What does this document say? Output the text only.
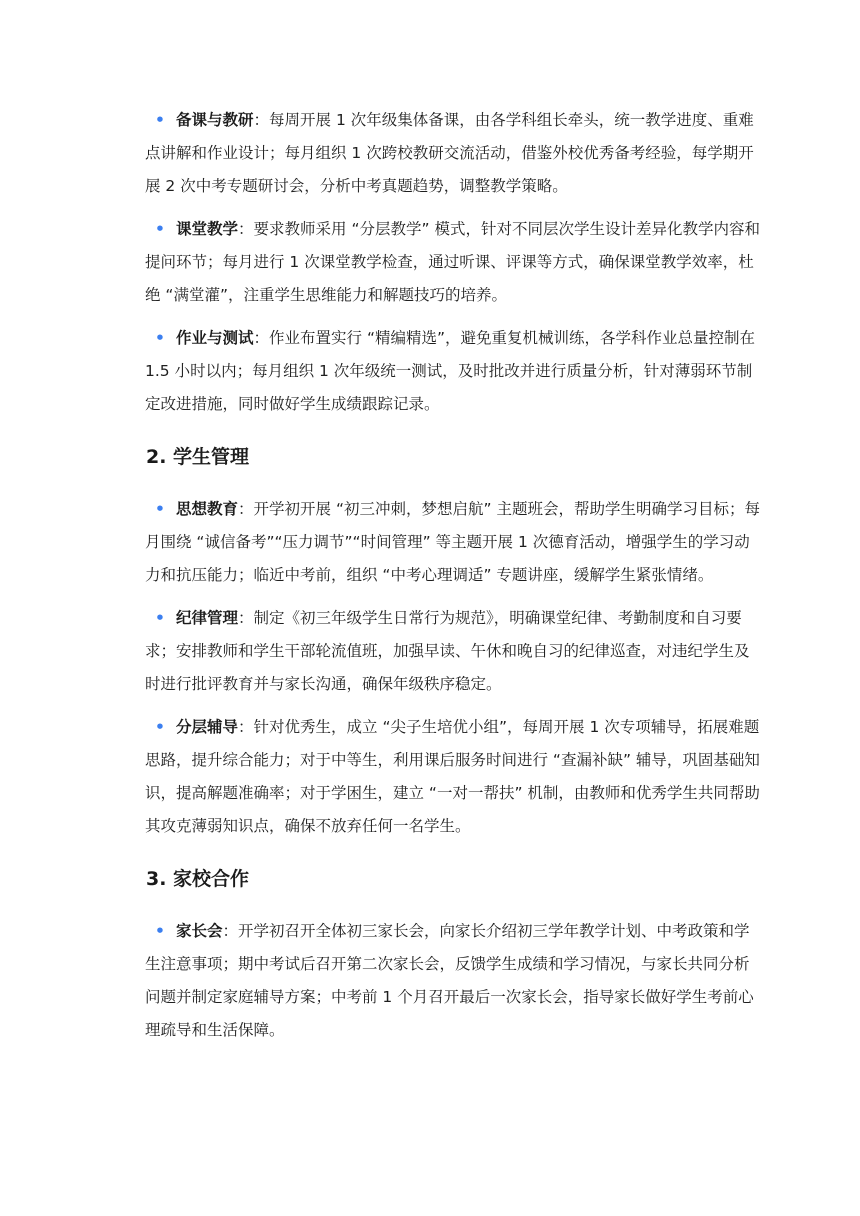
• 备课与教研：每周开展 1 次年级集体备课，由各学科组长牵头，统一教学进度、重难点讲解和作业设计；每月组织 1 次跨校教研交流活动，借鉴外校优秀备考经验，每学期开展 2 次中考专题研讨会，分析中考真题趋势，调整教学策略。
• 课堂教学：要求教师采用 “分层教学” 模式，针对不同层次学生设计差异化教学内容和提问环节；每月进行 1 次课堂教学检查，通过听课、评课等方式，确保课堂教学效率，杜绝 “满堂灌”，注重学生思维能力和解题技巧的培养。
• 作业与测试：作业布置实行 “精编精选”，避免重复机械训练，各学科作业总量控制在 1.5 小时以内；每月组织 1 次年级统一测试，及时批改并进行质量分析，针对薄弱环节制定改进措施，同时做好学生成绩跟踪记录。
2. 学生管理
• 思想教育：开学初开展 “初三冲刺，梦想启航” 主题班会，帮助学生明确学习目标；每月围绕 “诚信备考”“压力调节”“时间管理” 等主题开展 1 次德育活动，增强学生的学习动力和抗压能力；临近中考前，组织 “中考心理调适” 专题讲座，缓解学生紧张情绪。
• 纪律管理：制定《初三年级学生日常行为规范》，明确课堂纪律、考勤制度和自习要求；安排教师和学生干部轮流值班，加强早读、午休和晚自习的纪律巡查，对违纪学生及时进行批评教育并与家长沟通，确保年级秩序稳定。
• 分层辅导：针对优秀生，成立 “尖子生培优小组”，每周开展 1 次专项辅导，拓展难题思路，提升综合能力；对于中等生，利用课后服务时间进行 “查漏补缺” 辅导，巩固基础知识，提高解题准确率；对于学困生，建立 “一对一帮扶” 机制，由教师和优秀学生共同帮助其攻克薄弱知识点，确保不放弃任何一名学生。
3. 家校合作
• 家长会：开学初召开全体初三家长会，向家长介绍初三学年教学计划、中考政策和学生注意事项；期中考试后召开第二次家长会，反馈学生成绩和学习情况，与家长共同分析问题并制定家庭辅导方案；中考前 1 个月召开最后一次家长会，指导家长做好学生考前心理疏导和生活保障。
